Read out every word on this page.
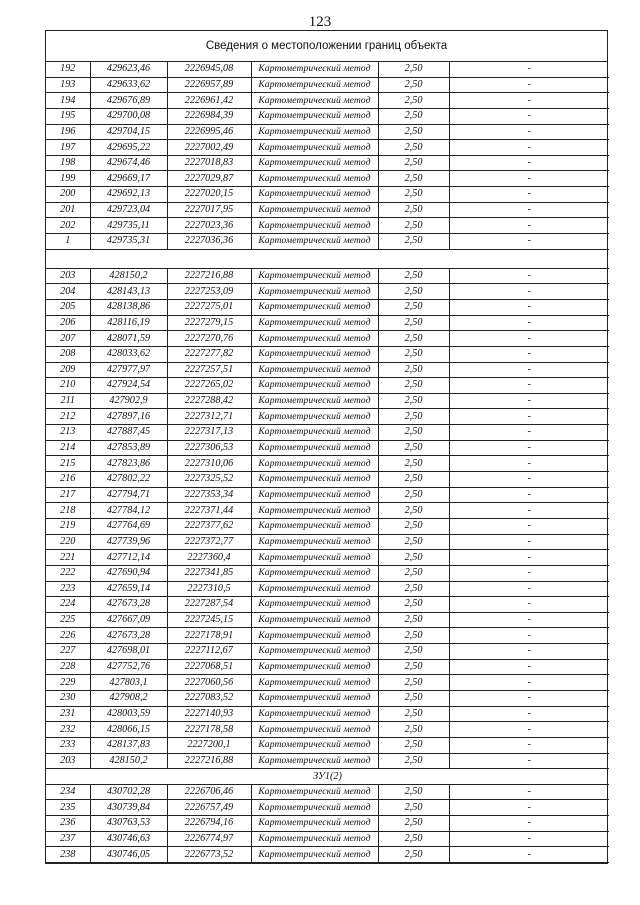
123
Сведения о местоположении границ объекта
192	429623,46	2226945,08	Картометрический метод	2,50		-
193	429633,62	2226957,89	Картометрический метод	2,50		-
194	429676,89	2226961,42	Картометрический метод	2,50		-
195	429700,08	2226984,39	Картометрический метод	2,50		-
196	429704,15	2226995,46	Картометрический метод	2,50		-
197	429695,22	2227002,49	Картометрический метод	2,50		-
198	429674,46	2227018,83	Картометрический метод	2,50		-
199	429669,17	2227029,87	Картометрический метод	2,50		-
200	429692,13	2227020,15	Картометрический метод	2,50		-
201	429723,04	2227017,95	Картометрический метод	2,50		-
202	429735,11	2227023,36	Картометрический метод	2,50		-
1	429735,31	2227036,36	Картометрический метод	2,50		-

203	428150,2	2227216,88	Картометрический метод	2,50		-
204	428143,13	2227253,09	Картометрический метод	2,50		-
205	428138,86	2227275,01	Картометрический метод	2,50		-
206	428116,19	2227279,15	Картометрический метод	2,50		-
207	428071,59	2227270,76	Картометрический метод	2,50		-
208	428033,62	2227277,82	Картометрический метод	2,50		-
209	427977,97	2227257,51	Картометрический метод	2,50		-
210	427924,54	2227265,02	Картометрический метод	2,50		-
211	427902,9	2227288,42	Картометрический метод	2,50		-
212	427897,16	2227312,71	Картометрический метод	2,50		-
213	427887,45	2227317,13	Картометрический метод	2,50		-
214	427853,89	2227306,53	Картометрический метод	2,50		-
215	427823,86	2227310,06	Картометрический метод	2,50		-
216	427802,22	2227325,52	Картометрический метод	2,50		-
217	427794,71	2227353,34	Картометрический метод	2,50		-
218	427784,12	2227371,44	Картометрический метод	2,50		-
219	427764,69	2227377,62	Картометрический метод	2,50		-
220	427739,96	2227372,77	Картометрический метод	2,50		-
221	427712,14	2227360,4	Картометрический метод	2,50		-
222	427690,94	2227341,85	Картометрический метод	2,50		-
223	427659,14	2227310,5	Картометрический метод	2,50		-
224	427673,28	2227287,54	Картометрический метод	2,50		-
225	427667,09	2227245,15	Картометрический метод	2,50		-
226	427673,28	2227178,91	Картометрический метод	2,50		-
227	427698,01	2227112,67	Картометрический метод	2,50		-
228	427752,76	2227068,51	Картометрический метод	2,50		-
229	427803,1	2227060,56	Картометрический метод	2,50		-
230	427908,2	2227083,52	Картометрический метод	2,50		-
231	428003,59	2227140,93	Картометрический метод	2,50		-
232	428066,15	2227178,58	Картометрический метод	2,50		-
233	428137,83	2227200,1	Картометрический метод	2,50		-
203	428150,2	2227216,88	Картометрический метод	2,50		-
ЗУ1(2)					
234	430702,28	2226706,46	Картометрический метод	2,50		-
235	430739,84	2226757,49	Картометрический метод	2,50		-
236	430763,53	2226794,16	Картометрический метод	2,50		-
237	430746,63	2226774,97	Картометрический метод	2,50		-
238	430746,05	2226773,52	Картометрический метод	2,50		-
